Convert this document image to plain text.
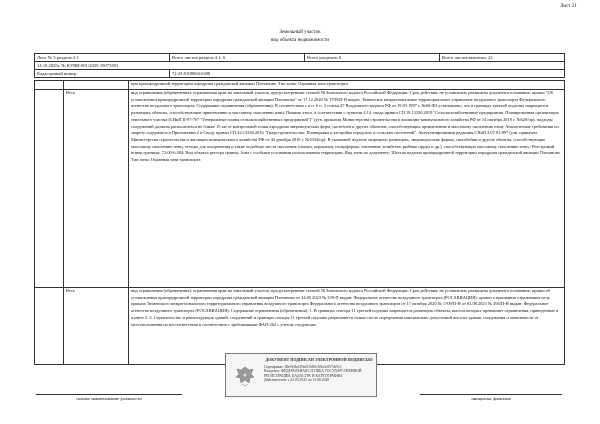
Лист 21
Земельный участок
вид объекта недвижимости
Лист № 5 раздела 4.1	Всего листов раздела 4.1: 6	Всего разделов: 6	Всего листов выписки: 22
14.10.2025г. № КУВИ-001/2025-19073391			
Кадастровый номер:	72:23:0108004:6308		
		при приаэродромной территории аэродрома гражданской авиации Плеханово. Тип зоны: Охранная зона транспорта
	Весь	вид ограничения (обременения): ограничения прав на земельный участок, предусмотренные статьей 56 Земельного кодекса Российской Федерации; Срок действия: не установлен; реквизиты документа-основания: приказ "Об установлении приаэродромной территории аэродрома гражданской авиации Плеханово" от 17.12.2020 № 1709/П-Н выдан: Тюменское межрегиональное территориальное управление воздушного транспорта Федерального агентства воздушного транспорта; Содержание ограничения (обременения): В соответствии с п.п. 6 п. 3 статьи 47 Воздушного кодекса РФ от 19.03.1997 г. №60-ФЗ установлено, что в границах третьей подзоны запрещается размещать объекты, способствующие привлечению и массовому скоплению птиц. Помимо этого, в соответствии с пунктом 4.14. свода правил СП 19.13330.2019 "Сельскохозяйственные предприятия. Планировочная организация земельного участка (СНиП II-97-76* "Генеральные планы сельскохозяйственных предприятий")" (утв. приказом Министерства строительства и жилищно-коммунального хозяйства РФ от 14 октября 2019 г. №620/пр), подходы сооружений должны располагаться не ближе 15 км от контрольной точки аэродрома звероводческих ферм, скотобоен и других объектов, способствующих привлечению и массовому скоплению птиц. Аналогичные требования по запрету содержатся в Приложении 2 к Своду правил СП 42.13330.2016 "Градостроительство. Планировка и застройка городских и сельских поселений". Актуализированная редакция СНиП 2.07.01-89* (утв. приказом Министерства строительства и жилищно-коммунального хозяйства РФ от 30 декабря 2016 г. №1034/пр). В указанной подзоне запрещено размещать: звероводческие фермы, скотобойни и другие объекты, способствующие массовому скоплению птиц, отходы для захоронения и такие подобные места скопления (свалки, кормушки, птицефермы, тепличные хозяйства, рыбные пруды и др.), способствующих массовому скоплению птиц.; Реестровый номер границы: 72:00-6.484; Вид объекта реестра границ: Зона с особыми условиями использования территории; Вид зоны по документу: Шестая подзона приаэродромной территории аэродрома гражданской авиации Плеханово. Тип зоны: Охранная зона транспорта
	Весь	вид ограничения (обременения): ограничения прав на земельный участок, предусмотренные статьей 56 Земельного кодекса Российской Федерации; Срок действия: не установлен; реквизиты документа-основания: приказ об установлении приаэродромной территории аэродрома гражданской авиации Плеханово от 24.05.2023 № 339-П выдан: Федеральное агентство воздушного транспорта (РОСАВИАЦИЯ); приказ о признании утратившим силу приказа Тюменского межрегионального территориального управления воздушного транспорта Федерального агентства воздушного транспорта от 17 октября 2020 № 1709/П-Н от 03.08.2023 № 494/П-Н выдан: Федеральное агентство воздушного транспорта (РОСАВИАЦИЯ); Содержание ограничения (обременения): 1. В границах сектора 11 третьей подзоны запрещается размещать объекты, высота которых превышает ограничения, приведенные в пункте 2. 2. Строительство и реконструкция зданий, сооружений и границах сектора 11 третьей подзоны разрешаются только после определения максимально допустимой высоты здания, сооружения и зависимости от местоположения их несоответствия в соответствии с требованиями ФАП-262 с учетом следующих
ДОКУМЕНТ ПОДПИСАН ЭЛЕКТРОННОЙ ПОДПИСЬЮ
Сертификат: 00e9e3bd35bd11600c3f8a3c0574e9c3
Владелец: ФЕДЕРАЛЬНАЯ СЛУЖБА ГОСУДАРСТВЕННОЙ РЕГИСТРАЦИИ, КАДАСТРА И КАРТОГРАФИИ
Действителен: с 22.05.2025 по 15.08.2026
полное наименование должности	инициалы, фамилия
